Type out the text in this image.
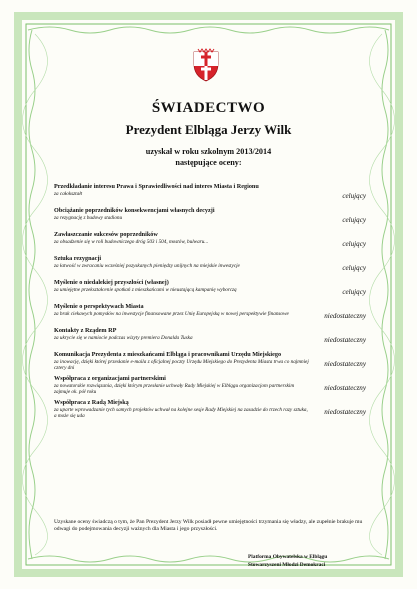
ŚWIADECTWO
Prezydent Elbląga Jerzy Wilk
uzyskał w roku szkolnym 2013/2014
następujące oceny:
Przedkładanie interesu Prawa i Sprawiedliwości nad interes Miasta i Regionu
za całokształt	celujący
Obciążanie poprzedników konsekwencjami własnych decyzji
za rezygnację z budowy stadionu	celujący
Zawłaszczanie sukcesów poprzedników
za obsadzenie się w roli budowniczego dróg 503 i 504, mostów, bulwaru...	celujący
Sztuka rezygnacji
za łatwość w zwracaniu wcześniej pozyskanych pieniędzy unijnych na miejskie inwestycje	celujący
Myślenie o niedalekiej przyszłości (własnej)
za umiejętne przekształcenie spotkań z mieszkańcami w nieustającą kampanię wyborczą	celujący
Myślenie o perspektywach Miasta
za brak ciekawych pomysłów na inwestycje finansowane przez Unię Europejską w nowej perspektywie finansowe	niedostateczny
Kontakty z Rządem RP
za ukrycie się w namiocie podczas wizyty premiera Donalda Tuska	niedostateczny
Komunikacja Prezydenta z mieszkańcami Elbląga i pracownikami Urzędu Miejskiego
za inowację, dzięki której przesłanie e-maila z oficjalnej poczty Urzędu Miejskiego do Prezydenta Miasta trwa co najmniej cztery dni
niedostateczny
Współpraca z organizacjami partnerskimi
za nowatorskie rozwiązania, dzięki którym przesłanie uchwały Rady Miejskiej w Elblągu organizacjom partnerskim zajmuje ok. pół roku
niedostateczny
Współpraca z Radą Miejską
za uparte wprowadzanie tych samych projektów uchwał na kolejne sesje Rady Miejskiej na zasadzie do trzech razy sztuka, a może się uda
niedostateczny
Uzyskane oceny świadczą o tym, że Pan Prezydent Jerzy Wilk posiadł pewne umiejętności trzymania się władzy, ale zupełnie brakuje mu odwagi do podejmowania decyzji ważnych dla Miasta i jego przyszłości.
Platforma Obywatelska w Elblągu
Stowarzyszeni Młodzi Demokraci
